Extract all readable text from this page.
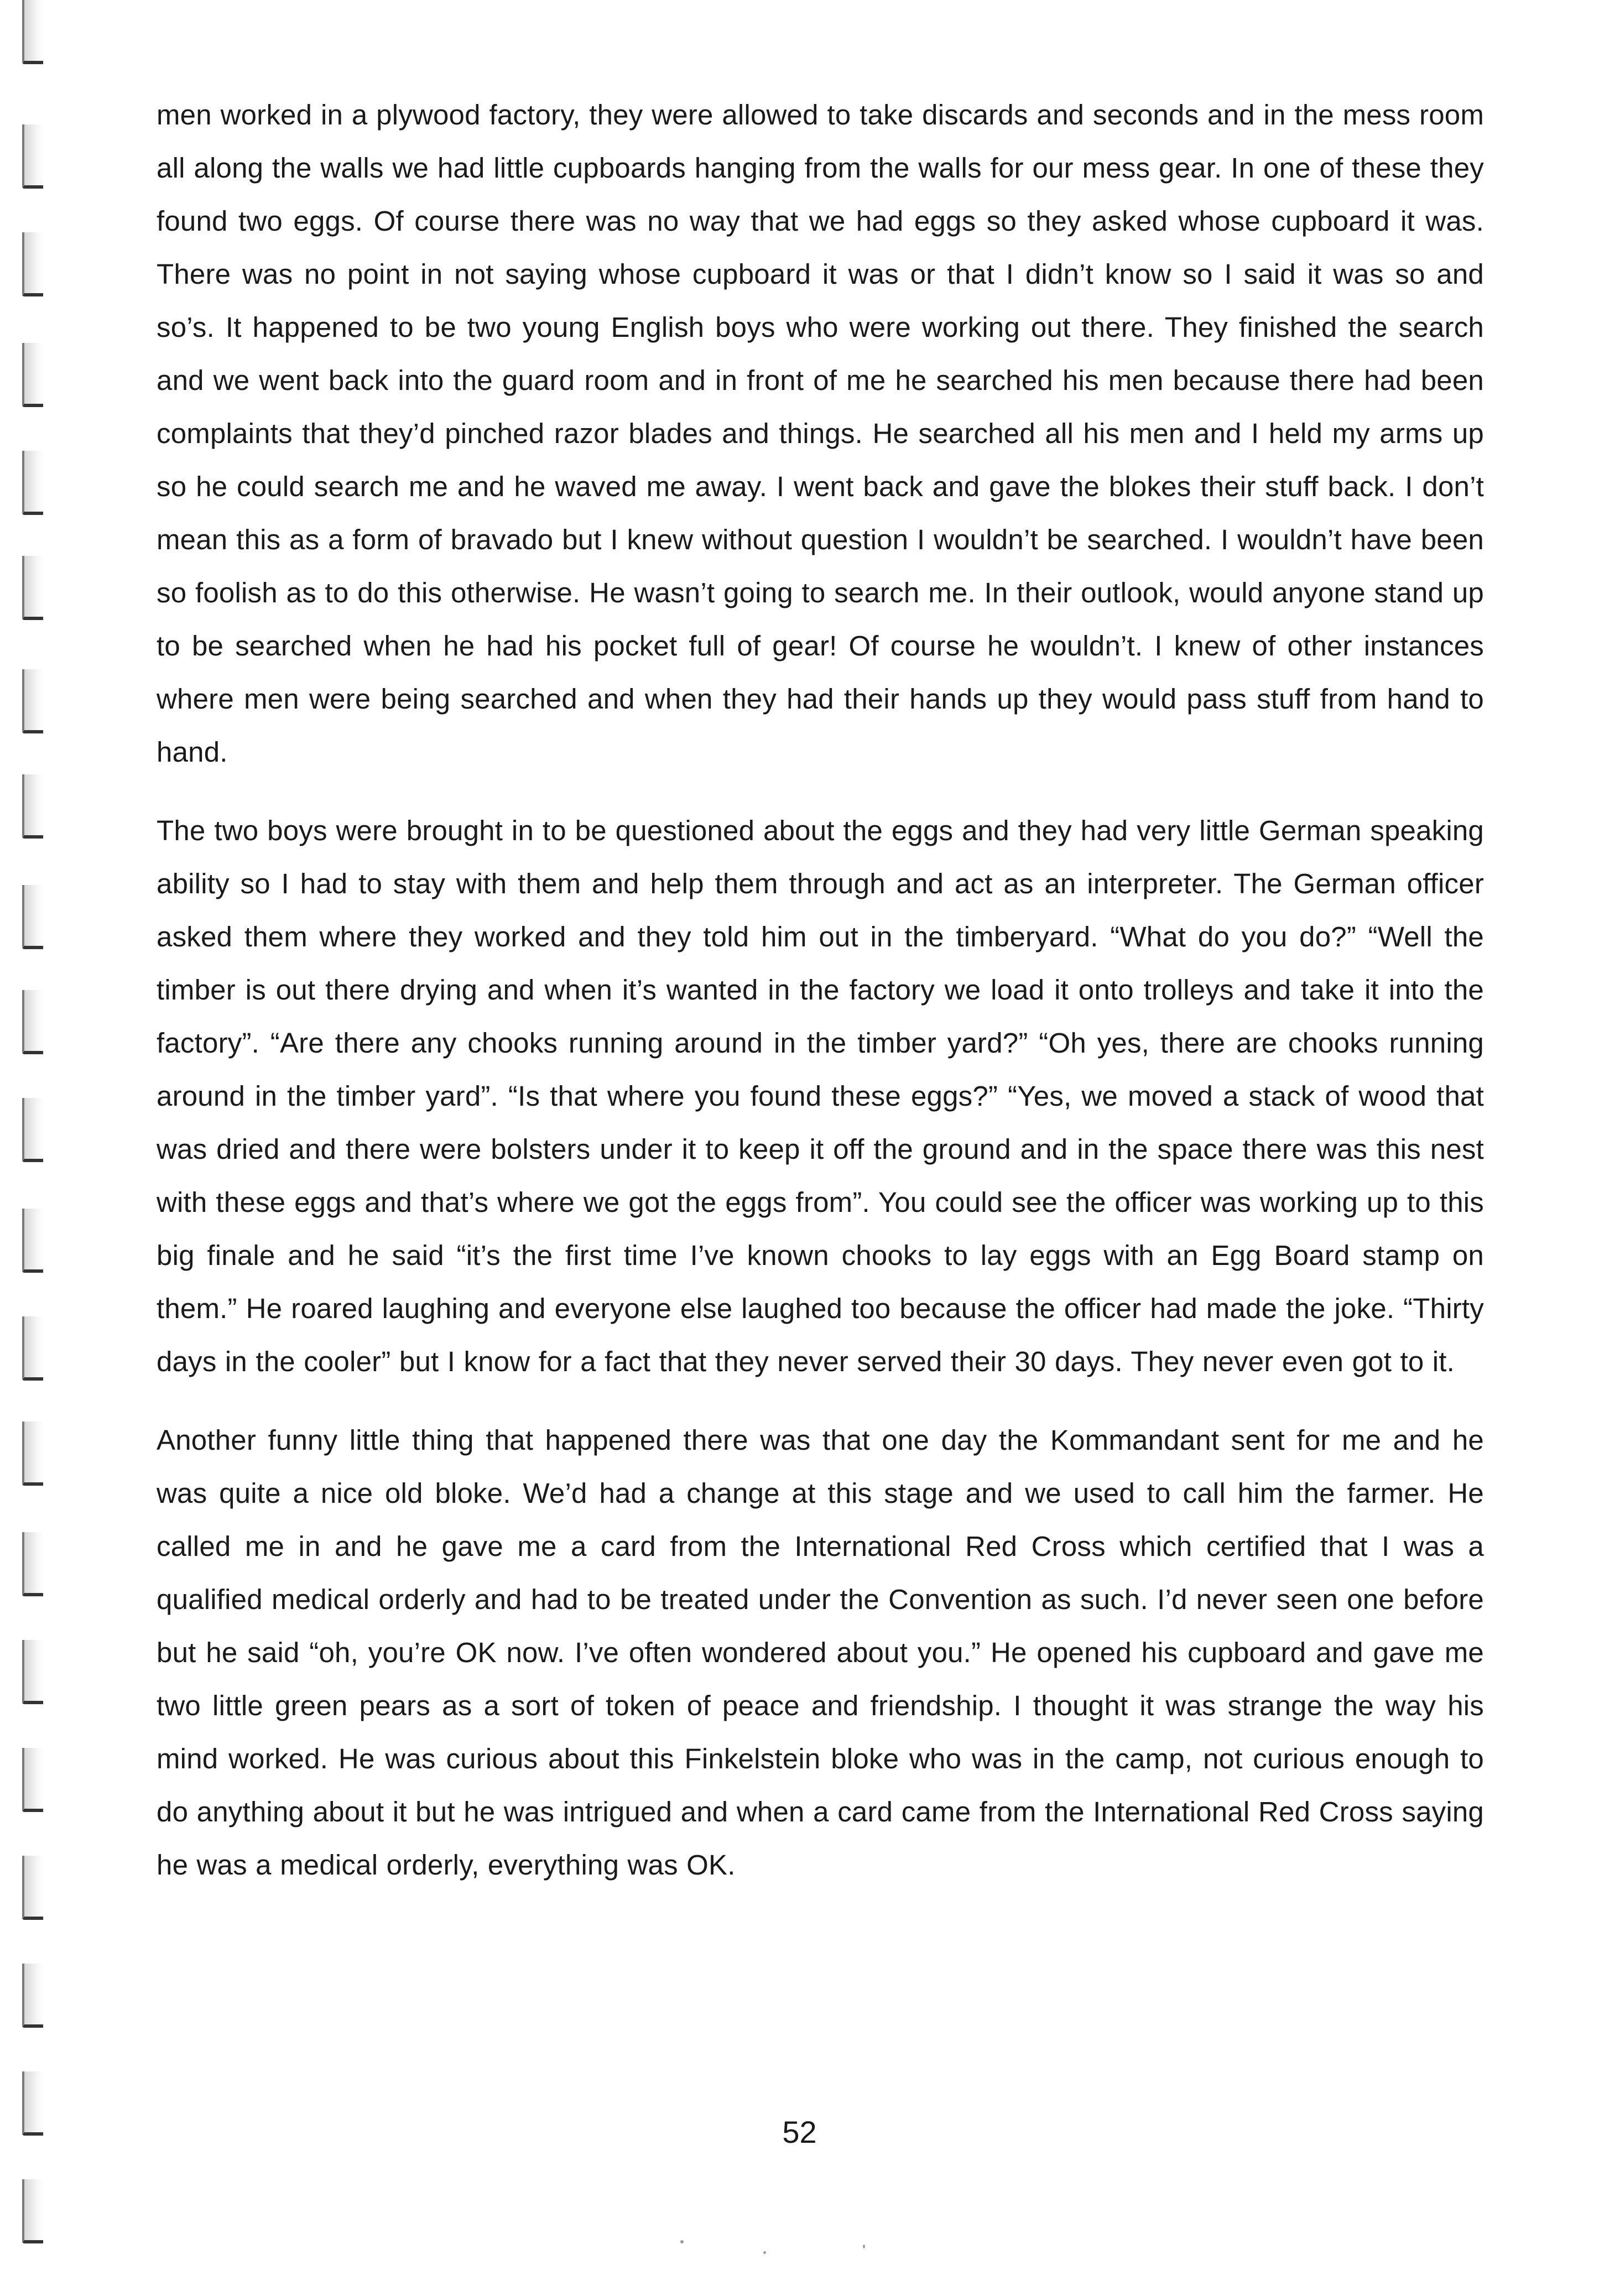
men worked in a plywood factory, they were allowed to take discards and seconds and in the mess room all along the walls we had little cupboards hanging from the walls for our mess gear. In one of these they found two eggs. Of course there was no way that we had eggs so they asked whose cupboard it was. There was no point in not saying whose cupboard it was or that I didn’t know so I said it was so and so’s. It happened to be two young English boys who were working out there. They finished the search and we went back into the guard room and in front of me he searched his men because there had been complaints that they’d pinched razor blades and things. He searched all his men and I held my arms up so he could search me and he waved me away. I went back and gave the blokes their stuff back. I don’t mean this as a form of bravado but I knew without question I wouldn’t be searched. I wouldn’t have been so foolish as to do this otherwise. He wasn’t going to search me. In their outlook, would anyone stand up to be searched when he had his pocket full of gear! Of course he wouldn’t. I knew of other instances where men were being searched and when they had their hands up they would pass stuff from hand to hand.

The two boys were brought in to be questioned about the eggs and they had very little German speaking ability so I had to stay with them and help them through and act as an interpreter. The German officer asked them where they worked and they told him out in the timberyard. “What do you do?” “Well the timber is out there drying and when it’s wanted in the factory we load it onto trolleys and take it into the factory”. “Are there any chooks running around in the timber yard?” “Oh yes, there are chooks running around in the timber yard”. “Is that where you found these eggs?” “Yes, we moved a stack of wood that was dried and there were bolsters under it to keep it off the ground and in the space there was this nest with these eggs and that’s where we got the eggs from”. You could see the officer was working up to this big finale and he said “it’s the first time I’ve known chooks to lay eggs with an Egg Board stamp on them.” He roared laughing and everyone else laughed too because the officer had made the joke. “Thirty days in the cooler” but I know for a fact that they never served their 30 days. They never even got to it.

Another funny little thing that happened there was that one day the Kommandant sent for me and he was quite a nice old bloke. We’d had a change at this stage and we used to call him the farmer. He called me in and he gave me a card from the International Red Cross which certified that I was a qualified medical orderly and had to be treated under the Convention as such. I’d never seen one before but he said “oh, you’re OK now. I’ve often wondered about you.” He opened his cupboard and gave me two little green pears as a sort of token of peace and friendship. I thought it was strange the way his mind worked. He was curious about this Finkelstein bloke who was in the camp, not curious enough to do anything about it but he was intrigued and when a card came from the International Red Cross saying he was a medical orderly, everything was OK.

52
